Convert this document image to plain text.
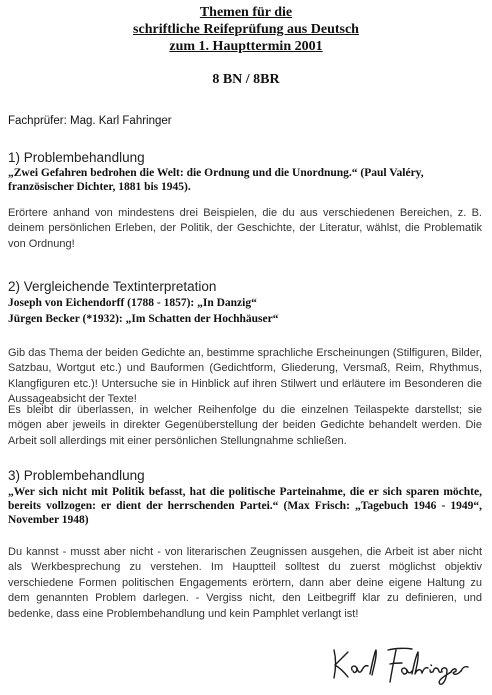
Themen für die
schriftliche Reifeprüfung aus Deutsch
zum 1. Haupttermin 2001
8 BN / 8BR
Fachprüfer: Mag. Karl Fahringer
1) Problembehandlung
„Zwei Gefahren bedrohen die Welt: die Ordnung und die Unordnung.“ (Paul Valéry, französischer Dichter, 1881 bis 1945).
Erörtere anhand von mindestens drei Beispielen, die du aus verschiedenen Bereichen, z. B. deinem persönlichen Erleben, der Politik, der Geschichte, der Literatur, wählst, die Problematik von Ordnung!
2) Vergleichende Textinterpretation
Joseph von Eichendorff (1788 - 1857): „In Danzig“
Jürgen Becker (*1932): „Im Schatten der Hochhäuser“
Gib das Thema der beiden Gedichte an, bestimme sprachliche Erscheinungen (Stilfiguren, Bilder, Satzbau, Wortgut etc.) und Bauformen (Gedichtform, Gliederung, Versmaß, Reim, Rhythmus, Klangfiguren etc.)! Untersuche sie in Hinblick auf ihren Stilwert und erläutere im Besonderen die Aussageabsicht der Texte!
Es bleibt dir überlassen, in welcher Reihenfolge du die einzelnen Teilaspekte darstellst; sie mögen aber jeweils in direkter Gegenüberstellung der beiden Gedichte behandelt werden. Die Arbeit soll allerdings mit einer persönlichen Stellungnahme schließen.
3) Problembehandlung
„Wer sich nicht mit Politik befasst, hat die politische Parteinahme, die er sich sparen möchte, bereits vollzogen: er dient der herrschenden Partei.“ (Max Frisch: „Tagebuch 1946 - 1949“, November 1948)
Du kannst - musst aber nicht - von literarischen Zeugnissen ausgehen, die Arbeit ist aber nicht als Werkbesprechung zu verstehen. Im Hauptteil solltest du zuerst möglichst objektiv verschiedene Formen politischen Engagements erörtern, dann aber deine eigene Haltung zu dem genannten Problem darlegen. - Vergiss nicht, den Leitbegriff klar zu definieren, und bedenke, dass eine Problembehandlung und kein Pamphlet verlangt ist!
